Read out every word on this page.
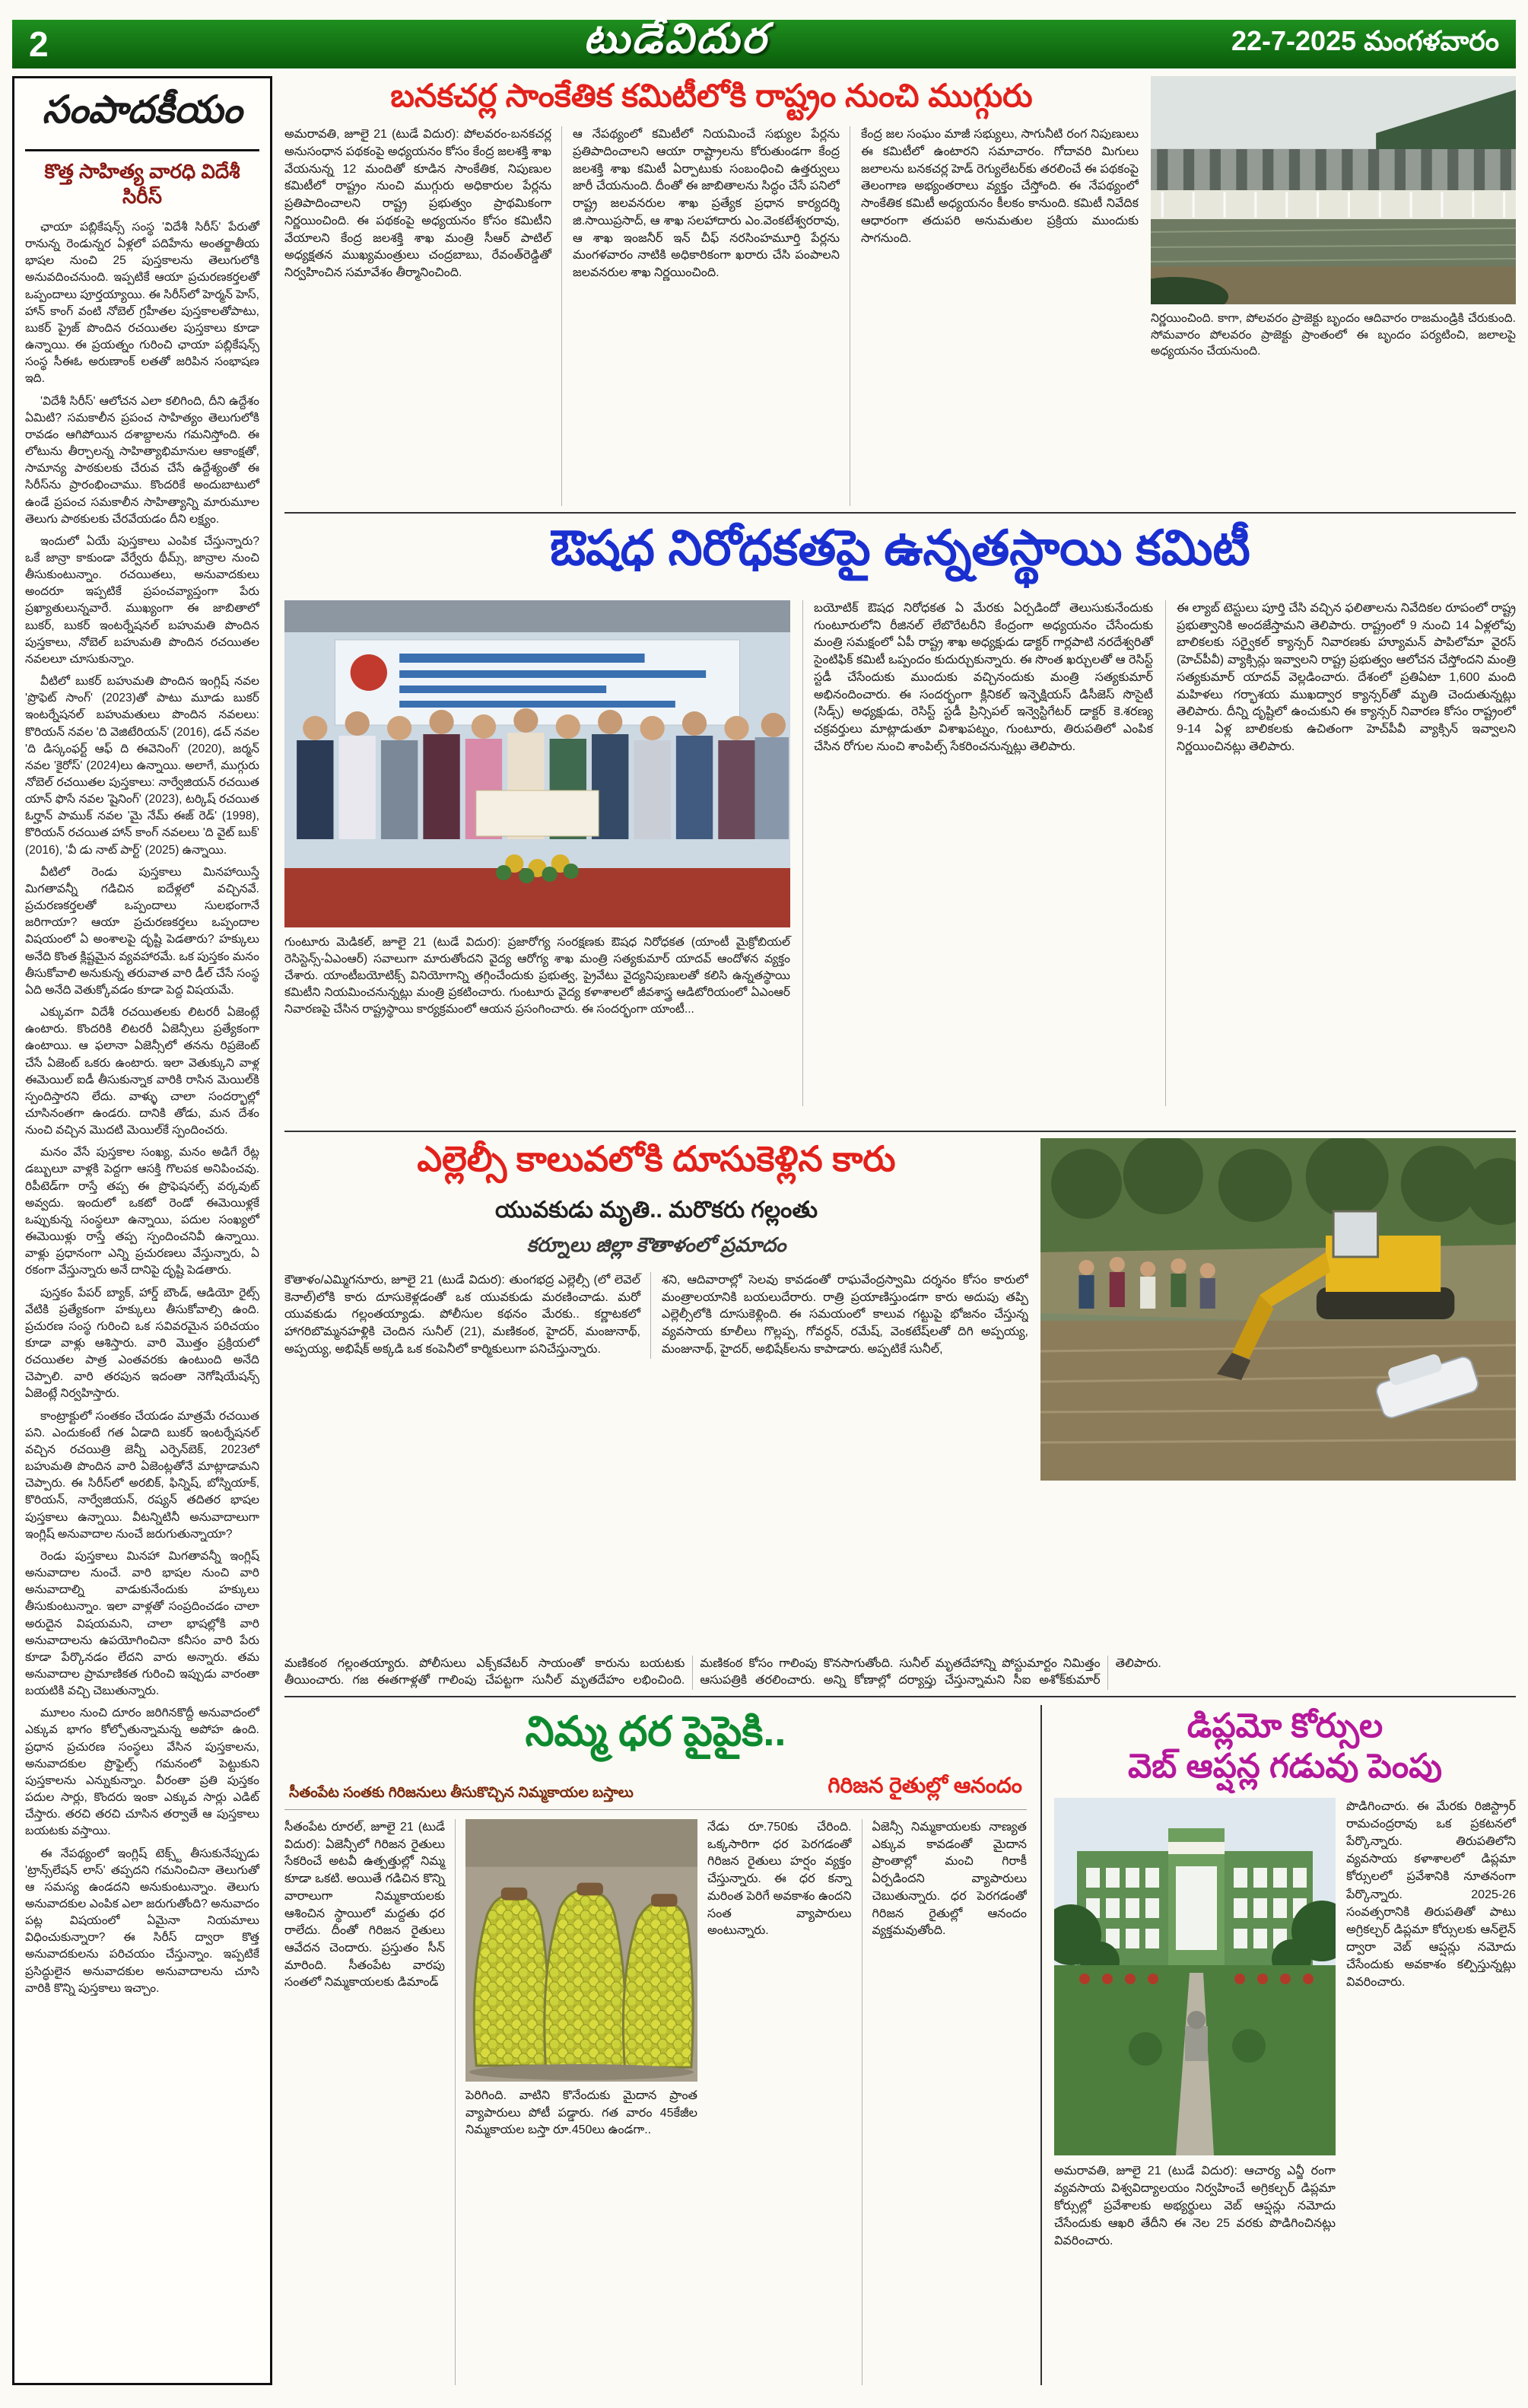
2	టుడేవిదుర	22-7-2025 మంగళవారం
సంపాదకీయం
కొత్త సాహిత్య వారధి విదేశీ సిరీస్

ఛాయా పబ్లికేషన్స్ సంస్థ 'విదేశీ సిరీస్' పేరుతో రానున్న రెండున్నర ఏళ్లలో పదిహేను అంతర్జాతీయ భాషల నుంచి 25 పుస్తకాలను తెలుగులోకి అనువదించనుంది. ఇప్పటికే ఆయా ప్రచురణకర్తలతో ఒప్పందాలు పూర్తయ్యాయి. ఈ సిరీస్‌లో హెర్మన్ హెస్, హాన్ కాంగ్ వంటి నోబెల్ గ్రహీతల పుస్తకాలతోపాటు, బుకర్ ప్రైజ్ పొందిన రచయితల పుస్తకాలు కూడా ఉన్నాయి. ఈ ప్రయత్నం గురించి ఛాయా పబ్లికేషన్స్ సంస్థ సీఈఓ అరుణాంక్ లతతో జరిపిన సంభాషణ ఇది.

'విదేశీ సిరీస్' ఆలోచన ఎలా కలిగింది, దీని ఉద్దేశం ఏమిటి? సమకాలీన ప్రపంచ సాహిత్యం తెలుగులోకి రావడం ఆగిపోయిన దశాబ్దాలను గమనిస్తోంది. ఈ లోటును తీర్చాలన్న సాహిత్యాభిమానుల ఆకాంక్షతో, సామాన్య పాఠకులకు చేరువ చేసే ఉద్దేశ్యంతో ఈ సిరీస్‌ను ప్రారంభించాము. కొందరికే అందుబాటులో ఉండే ప్రపంచ సమకాలీన సాహిత్యాన్ని మారుమూల తెలుగు పాఠకులకు చేరవేయడం దీని లక్ష్యం.

ఇందులో ఏయే పుస్తకాలు ఎంపిక చేస్తున్నారు? ఒకే జాన్రా కాకుండా వేర్వేరు థీమ్స్, జాన్రాల నుంచి తీసుకుంటున్నాం. రచయితలు, అనువాదకులు అందరూ ఇప్పటికే ప్రపంచవ్యాప్తంగా పేరు ప్రఖ్యాతులున్నవారే. ముఖ్యంగా ఈ జాబితాలో బుకర్, బుకర్ ఇంటర్నేషనల్ బహుమతి పొందిన పుస్తకాలు, నోబెల్ బహుమతి పొందిన రచయితల నవలలూ చూసుకున్నాం.

వీటిలో బుకర్ బహుమతి పొందిన ఇంగ్లిష్ నవల 'ప్రొఫెట్ సాంగ్' (2023)తో పాటు మూడు బుకర్ ఇంటర్నేషనల్ బహుమతులు పొందిన నవలలు: కొరియన్ నవల 'ది వెజిటేరియన్' (2016), డచ్ నవల 'ది డిస్కంఫర్ట్ ఆఫ్ ది ఈవెనింగ్' (2020), జర్మన్ నవల 'కైరోస్' (2024)లు ఉన్నాయి. అలాగే, ముగ్గురు నోబెల్ రచయితల పుస్తకాలు: నార్వేజియన్ రచయిత యాన్ ఫొసే నవల 'షైనింగ్' (2023), టర్కిష్ రచయిత ఓర్హాన్ పాముక్ నవల 'మై నేమ్ ఈజ్ రెడ్' (1998), కొరియన్ రచయిత హాన్ కాంగ్ నవలలు 'ది వైట్ బుక్' (2016), 'వీ డు నాట్ పార్ట్' (2025) ఉన్నాయి.

వీటిలో రెండు పుస్తకాలు మినహాయిస్తే మిగతావన్నీ గడిచిన ఐదేళ్లలో వచ్చినవే. ప్రచురణకర్తలతో ఒప్పందాలు సులభంగానే జరిగాయా? ఆయా ప్రచురణకర్తలు ఒప్పందాల విషయంలో ఏ అంశాలపై దృష్టి పెడతారు? హక్కులు అనేది కొంత క్లిష్టమైన వ్యవహారమే. ఒక పుస్తకం మనం తీసుకోవాలి అనుకున్న తరువాత వారి డీల్ చేసే సంస్థ ఏది అనేది వెతుక్కోవడం కూడా పెద్ద విషయమే.

ఎక్కువగా విదేశీ రచయితలకు లిటరరీ ఏజెంట్లే ఉంటారు. కొందరికి లిటరరీ ఏజెన్సీలు ప్రత్యేకంగా ఉంటాయి. ఆ ఫలానా ఏజెన్సీలో తనను రిప్రజెంట్ చేసే ఏజెంట్ ఒకరు ఉంటారు. ఇలా వెతుక్కుని వాళ్ల ఈమెయిల్ ఐడీ తీసుకున్నాక వారికి రాసిన మెయిల్‌కి స్పందిస్తారని లేదు. వాళ్ళు చాలా సందర్భాల్లో చూసినంతగా ఉండరు. దానికి తోడు, మన దేశం నుంచి వచ్చిన మొదటి మెయిల్‌కే స్పందించరు.

మనం వేసే పుస్తకాల సంఖ్య, మనం అడిగే రేట్ల డబ్బులూ వాళ్లకి పెద్దగా ఆసక్తి గొలపక అనిపించవు. రిపీటెడ్‌గా రాస్తే తప్ప ఈ ప్రొఫెషనల్స్ వర్కవుట్ అవ్వదు. ఇందులో ఒకటో రెండో ఈమెయిళ్లకే ఒప్పుకున్న సంస్థలూ ఉన్నాయి, పదుల సంఖ్యలో ఈమెయిళ్లు రాస్తే తప్ప స్పందించనివీ ఉన్నాయి. వాళ్లు ప్రధానంగా ఎన్ని ప్రచురణలు వేస్తున్నారు, ఏ రకంగా వేస్తున్నారు అనే దానిపై దృష్టి పెడతారు.

పుస్తకం పేపర్ బ్యాక్, హార్డ్ బౌండ్, ఆడియో రైట్స్ వేటికి ప్రత్యేకంగా హక్కులు తీసుకోవాల్సి ఉంది. ప్రచురణ సంస్థ గురించి ఒక సవివరమైన పరిచయం కూడా వాళ్లు ఆశిస్తారు. వారి మొత్తం ప్రక్రియలో రచయితల పాత్ర ఎంతవరకు ఉంటుంది అనేది చెప్పాలి. వారి తరపున ఇదంతా నెగోషియేషన్స్ ఏజెంట్లే నిర్వహిస్తారు.

కాంట్రాక్టులో సంతకం చేయడం మాత్రమే రచయిత పని. ఎందుకంటే గత ఏడాది బుకర్ ఇంటర్నేషనల్ వచ్చిన రచయిత్రి జెన్నీ ఎర్పెన్‌బెక్, 2023లో బహుమతి పొందిన వారి ఏజెంట్లతోనే మాట్లాడామని చెప్పారు. ఈ సిరీస్‌లో అరబిక్, ఫిన్నిష్, బోస్నియాక్, కొరియన్, నార్వేజియన్, రష్యన్ తదితర భాషల పుస్తకాలు ఉన్నాయి. వీటన్నిటినీ అనువాదాలుగా ఇంగ్లిష్ అనువాదాల నుంచే జరుగుతున్నాయా?

రెండు పుస్తకాలు మినహా మిగతావన్నీ ఇంగ్లిష్ అనువాదాల నుంచే. వారి భాషల నుంచి వారి అనువాదాల్ని వాడుకునేందుకు హక్కులు తీసుకుంటున్నాం. ఇలా వాళ్లతో సంప్రదించడం చాలా అరుదైన విషయమని, చాలా భాషల్లోకి వారి అనువాదాలను ఉపయోగించినా కనీసం వారి పేరు కూడా పేర్కొనడం లేదని వారు అన్నారు. తమ అనువాదాల ప్రామాణికత గురించి ఇప్పుడు వారంతా బయటికి వచ్చి చెబుతున్నారు.

మూలం నుంచి దూరం జరిగినకొద్దీ అనువాదంలో ఎక్కువ భాగం కోల్పోతున్నామన్న అపోహ ఉంది. ప్రధాన ప్రచురణ సంస్థలు వేసిన పుస్తకాలను, అనువాదకుల ప్రొఫైల్స్ గమనంలో పెట్టుకుని పుస్తకాలను ఎన్నుకున్నాం. వీరంతా ప్రతి పుస్తకం పదుల సార్లు, కొందరు ఇంకా ఎక్కువ సార్లు ఎడిట్ చేస్తారు. తరచి తరచి చూసిన తర్వాతే ఆ పుస్తకాలు బయటకు వస్తాయి.

ఈ నేపథ్యంలో ఇంగ్లిష్ టెక్స్ట్ తీసుకునేప్పుడు 'ట్రాన్స్‌లేషన్ లాస్' తప్పదని గమనించినా తెలుగుతో ఆ సమస్య ఉండదని అనుకుంటున్నాం. తెలుగు అనువాదకుల ఎంపిక ఎలా జరుగుతోంది? అనువాదం పట్ల విషయంలో ఏమైనా నియమాలు విధించుకున్నారా? ఈ సిరీస్ ద్వారా కొత్త అనువాదకులను పరిచయం చేస్తున్నాం. ఇప్పటికే ప్రసిద్ధులైన అనువాదకుల అనువాదాలను చూసి వారికి కొన్ని పుస్తకాలు ఇచ్చాం.

బనకచర్ల సాంకేతిక కమిటీలోకి రాష్ట్రం నుంచి ముగ్గురు
అమరావతి, జూలై 21 (టుడే విదుర): పోలవరం-బనకచర్ల అనుసంధాన పథకంపై అధ్యయనం కోసం కేంద్ర జలశక్తి శాఖ వేయనున్న 12 మందితో కూడిన సాంకేతిక, నిపుణుల కమిటీలో రాష్ట్రం నుంచి ముగ్గురు అధికారుల పేర్లను ప్రతిపాదించాలని రాష్ట్ర ప్రభుత్వం ప్రాథమికంగా నిర్ణయించింది. ఈ పథకంపై అధ్యయనం కోసం కమిటీని వేయాలని కేంద్ర జలశక్తి శాఖ మంత్రి సీఆర్ పాటిల్ అధ్యక్షతన ముఖ్యమంత్రులు చంద్రబాబు, రేవంత్‌రెడ్డితో నిర్వహించిన సమావేశం తీర్మానించింది.
ఆ నేపథ్యంలో కమిటీలో నియమించే సభ్యుల పేర్లను ప్రతిపాదించాలని ఆయా రాష్ట్రాలను కోరుతుండగా కేంద్ర జలశక్తి శాఖ కమిటీ ఏర్పాటుకు సంబంధించి ఉత్తర్వులు జారీ చేయనుంది. దీంతో ఈ జాబితాలను సిద్ధం చేసే పనిలో రాష్ట్ర జలవనరుల శాఖ ప్రత్యేక ప్రధాన కార్యదర్శి జి.సాయిప్రసాద్, ఆ శాఖ సలహాదారు ఎం.వెంకటేశ్వరరావు, ఆ శాఖ ఇంజనీర్ ఇన్ చీఫ్ నరసింహమూర్తి పేర్లను మంగళవారం నాటికి అధికారికంగా ఖరారు చేసి పంపాలని జలవనరుల శాఖ నిర్ణయించింది.
కేంద్ర జల సంఘం మాజీ సభ్యులు, సాగునీటి రంగ నిపుణులు ఈ కమిటీలో ఉంటారని సమాచారం. గోదావరి మిగులు జలాలను బనకచర్ల హెడ్ రెగ్యులేటర్‌కు తరలించే ఈ పథకంపై తెలంగాణ అభ్యంతరాలు వ్యక్తం చేస్తోంది. ఈ నేపథ్యంలో సాంకేతిక కమిటీ అధ్యయనం కీలకం కానుంది. కమిటీ నివేదిక ఆధారంగా తదుపరి అనుమతుల ప్రక్రియ ముందుకు సాగనుంది.

నిర్ణయించింది. కాగా, పోలవరం ప్రాజెక్టు బృందం ఆదివారం రాజమండ్రికి చేరుకుంది. సోమవారం పోలవరం ప్రాజెక్టు ప్రాంతంలో ఈ బృందం పర్యటించి, జలాలపై అధ్యయనం చేయనుంది.

ఔషధ నిరోధకతపై ఉన్నతస్థాయి కమిటీ

గుంటూరు మెడికల్, జూలై 21 (టుడే విదుర): ప్రజారోగ్య సంరక్షణకు ఔషధ నిరోధకత (యాంటీ మైక్రోబియల్ రెసిస్టెన్స్-ఏఎంఆర్) సవాలుగా మారుతోందని వైద్య ఆరోగ్య శాఖ మంత్రి సత్యకుమార్ యాదవ్ ఆందోళన వ్యక్తం చేశారు. యాంటీబయోటిక్స్ వినియోగాన్ని తగ్గించేందుకు ప్రభుత్వ, ప్రైవేటు వైద్యనిపుణులతో కలిసి ఉన్నతస్థాయి కమిటీని నియమించనున్నట్లు మంత్రి ప్రకటించారు. గుంటూరు వైద్య కళాశాలలో జీవశాస్త్ర ఆడిటోరియంలో ఏఎంఆర్ నివారణపై చేసిన రాష్ట్రస్థాయి కార్యక్రమంలో ఆయన ప్రసంగించారు. ఈ సందర్భంగా యాంటీ...

బయోటిక్ ఔషధ నిరోధకత ఏ మేరకు ఏర్పడిందో తెలుసుకునేందుకు గుంటూరులోని రీజినల్ లేబొరేటరీని కేంద్రంగా అధ్యయనం చేసేందుకు మంత్రి సమక్షంలో ఏపీ రాష్ట్ర శాఖ అధ్యక్షుడు డాక్టర్ గార్లపాటి నరదేశ్వరితో సైంటిఫిక్ కమిటీ ఒప్పందం కుదుర్చుకున్నారు. ఈ సొంత ఖర్చులతో ఆ రెసిస్ట్ స్టడీ చేసేందుకు ముందుకు వచ్చినందుకు మంత్రి సత్యకుమార్ అభినందించారు. ఈ సందర్భంగా క్లినికల్ ఇన్ఫెక్షియస్ డిసీజెస్ సొసైటీ (సిడ్స్) అధ్యక్షుడు, రెసిస్ట్ స్టడీ ప్రిన్సిపల్ ఇన్వెస్టిగేటర్ డాక్టర్ కె.శరణ్య చక్రవర్తులు మాట్లాడుతూ విశాఖపట్నం, గుంటూరు, తిరుపతిలో ఎంపిక చేసిన రోగుల నుంచి శాంపిల్స్ సేకరించనున్నట్లు తెలిపారు.
ఈ ల్యాబ్ టెస్టులు పూర్తి చేసి వచ్చిన ఫలితాలను నివేదికల రూపంలో రాష్ట్ర ప్రభుత్వానికి అందజేస్తామని తెలిపారు. రాష్ట్రంలో 9 నుంచి 14 ఏళ్లలోపు బాలికలకు సర్వైకల్ క్యాన్సర్ నివారణకు హ్యూమన్ పాపిలోమా వైరస్ (హెచ్‌పీవీ) వ్యాక్సిన్లు ఇవ్వాలని రాష్ట్ర ప్రభుత్వం ఆలోచన చేస్తోందని మంత్రి సత్యకుమార్ యాదవ్ వెల్లడించారు. దేశంలో ప్రతిఏటా 1,600 మంది మహిళలు గర్భాశయ ముఖద్వార క్యాన్సర్‌తో మృతి చెందుతున్నట్లు తెలిపారు. దీన్ని దృష్టిలో ఉంచుకుని ఈ క్యాన్సర్ నివారణ కోసం రాష్ట్రంలో 9-14 ఏళ్ల బాలికలకు ఉచితంగా హెచ్‌పీవీ వ్యాక్సిన్ ఇవ్వాలని నిర్ణయించినట్లు తెలిపారు.
ఎల్లెల్సీ కాలువలోకి దూసుకెళ్లిన కారు
యువకుడు మృతి.. మరొకరు గల్లంతు
కర్నూలు జిల్లా కౌతాళంలో ప్రమాదం
కౌతాళం/ఎమ్మిగనూరు, జూలై 21 (టుడే విదుర): తుంగభద్ర ఎల్లెల్సీ (లో లెవెల్ కెనాల్)లోకి కారు దూసుకెళ్లడంతో ఒక యువకుడు మరణించాడు. మరో యువకుడు గల్లంతయ్యాడు. పోలీసుల కథనం మేరకు.. కర్ణాటకలో హాగరిబొమ్మనహళ్లికి చెందిన సునీల్ (21), మణికంఠ, హైదర్, మంజునాథ్, అప్పయ్య, అభిషేక్ అక్కడి ఒక కంపెనీలో కార్మికులుగా పనిచేస్తున్నారు.
శని, ఆదివారాల్లో సెలవు కావడంతో రాఘవేంద్రస్వామి దర్శనం కోసం కారులో మంత్రాలయానికి బయలుదేరారు. రాత్రి ప్రయాణిస్తుండగా కారు అదుపు తప్పి ఎల్లెల్సీలోకి దూసుకెళ్లింది. ఈ సమయంలో కాలువ గట్టుపై భోజనం చేస్తున్న వ్యవసాయ కూలీలు గొల్లప్ప, గోవర్ధన్, రమేష్, వెంకటేష్‌లతో దిగి అప్పయ్య, మంజునాథ్, హైదర్, అభిషేక్‌లను కాపాడారు. అప్పటికే సునీల్,
మణికంఠ గల్లంతయ్యారు. పోలీసులు ఎక్స్‌కవేటర్ సాయంతో కారును బయటకు తీయించారు. గజ ఈతగాళ్లతో గాలింపు చేపట్టగా సునీల్ మృతదేహం లభించింది. మణికంఠ కోసం గాలింపు కొనసాగుతోంది. సునీల్ మృతదేహాన్ని పోస్టుమార్టం నిమిత్తం ఆసుపత్రికి తరలించారు. అన్ని కోణాల్లో దర్యాప్తు చేస్తున్నామని సీఐ అశోక్‌కుమార్ తెలిపారు.
నిమ్మ ధర పైపైకి..
సీతంపేట సంతకు గిరిజనులు తీసుకొచ్చిన నిమ్మకాయల బస్తాలు	గిరిజన రైతుల్లో ఆనందం
సీతంపేట రూరల్, జూలై 21 (టుడే విదుర): ఏజెన్సీలో గిరిజన రైతులు సేకరించే అటవీ ఉత్పత్తుల్లో నిమ్మ కూడా ఒకటి. అయితే గడిచిన కొన్ని వారాలుగా నిమ్మకాయలకు ఆశించిన స్థాయిలో మద్దతు ధర రాలేదు. దీంతో గిరిజన రైతులు ఆవేదన చెందారు. ప్రస్తుతం సీన్ మారింది. సీతంపేట వారపు సంతలో నిమ్మకాయలకు డిమాండ్
పెరిగింది. వాటిని కొనేందుకు మైదాన ప్రాంత వ్యాపారులు పోటీ పడ్డారు. గత వారం 45కేజీల నిమ్మకాయల బస్తా రూ.450లు ఉండగా..
నేడు రూ.750కు చేరింది. ఒక్కసారిగా ధర పెరగడంతో గిరిజన రైతులు హర్షం వ్యక్తం చేస్తున్నారు. ఈ ధర కన్నా మరింత పెరిగే అవకాశం ఉందని సంత వ్యాపారులు అంటున్నారు.
ఏజెన్సీ నిమ్మకాయలకు నాణ్యత ఎక్కువ కావడంతో మైదాన ప్రాంతాల్లో మంచి గిరాకీ ఏర్పడిందని వ్యాపారులు చెబుతున్నారు. ధర పెరగడంతో గిరిజన రైతుల్లో ఆనందం వ్యక్తమవుతోంది.
డిప్లమో కోర్సుల
వెబ్ ఆప్షన్ల గడువు పెంపు

అమరావతి, జూలై 21 (టుడే విదుర): ఆచార్య ఎన్జీ రంగా వ్యవసాయ విశ్వవిద్యాలయం నిర్వహించే అగ్రికల్చర్ డిప్లమా కోర్సుల్లో ప్రవేశాలకు అభ్యర్థులు వెబ్ ఆప్షన్లు నమోదు చేసేందుకు ఆఖరి తేదీని ఈ నెల 25 వరకు పొడిగించినట్లు వివరించారు.

పొడిగించారు. ఈ మేరకు రిజిస్ట్రార్ రామచంద్రరావు ఒక ప్రకటనలో పేర్కొన్నారు. తిరుపతిలోని వ్యవసాయ కళాశాలలో డిప్లమా కోర్సులలో ప్రవేశానికి నూతనంగా పేర్కొన్నారు. 2025-26 సంవత్సరానికి తిరుపతితో పాటు అగ్రికల్చర్ డిప్లమా కోర్సులకు ఆన్‌లైన్ ద్వారా వెబ్ ఆప్షన్లు నమోదు చేసేందుకు అవకాశం కల్పిస్తున్నట్లు వివరించారు.
